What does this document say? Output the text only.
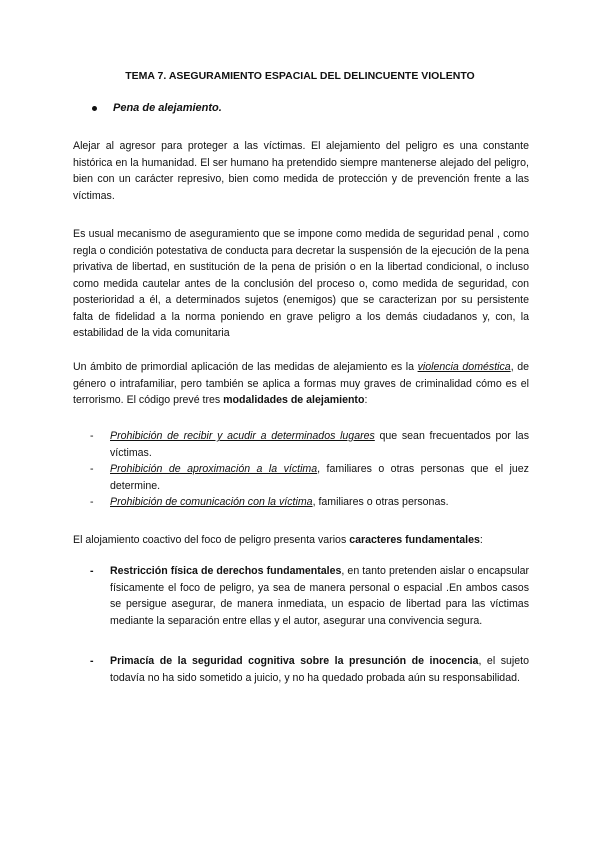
TEMA 7. ASEGURAMIENTO ESPACIAL DEL DELINCUENTE VIOLENTO
Pena de alejamiento.
Alejar al agresor para proteger a las víctimas. El alejamiento del peligro es una constante histórica en la humanidad. El ser humano ha pretendido siempre mantenerse alejado del peligro, bien con un carácter represivo, bien como medida de protección y de prevención frente a las víctimas.
Es usual mecanismo de aseguramiento que se impone como medida de seguridad penal , como regla o condición potestativa de conducta para decretar la suspensión de la ejecución de la pena privativa de libertad, en sustitución de la pena de prisión o en la libertad condicional, o incluso como medida cautelar antes de la conclusión del proceso o, como medida de seguridad, con posterioridad a él, a determinados sujetos (enemigos) que se caracterizan por su persistente falta de fidelidad a la norma poniendo en grave peligro a los demás ciudadanos y, con, la estabilidad de la vida comunitaria
Un ámbito de primordial aplicación de las medidas de alejamiento es la violencia doméstica, de género o intrafamiliar, pero también se aplica a formas muy graves de criminalidad cómo es el terrorismo. El código prevé tres modalidades de alejamiento:
- Prohibición de recibir y acudir a determinados lugares que sean frecuentados por las víctimas.
- Prohibición de aproximación a la víctima, familiares o otras personas que el juez determine.
- Prohibición de comunicación con la víctima, familiares o otras personas.
El alojamiento coactivo del foco de peligro presenta varios caracteres fundamentales:
- Restricción física de derechos fundamentales, en tanto pretenden aislar o encapsular físicamente el foco de peligro, ya sea de manera personal o espacial .En ambos casos se persigue asegurar, de manera inmediata, un espacio de libertad para las víctimas mediante la separación entre ellas y el autor, asegurar una convivencia segura.
- Primacía de la seguridad cognitiva sobre la presunción de inocencia, el sujeto todavía no ha sido sometido a juicio, y no ha quedado probada aún su responsabilidad.
